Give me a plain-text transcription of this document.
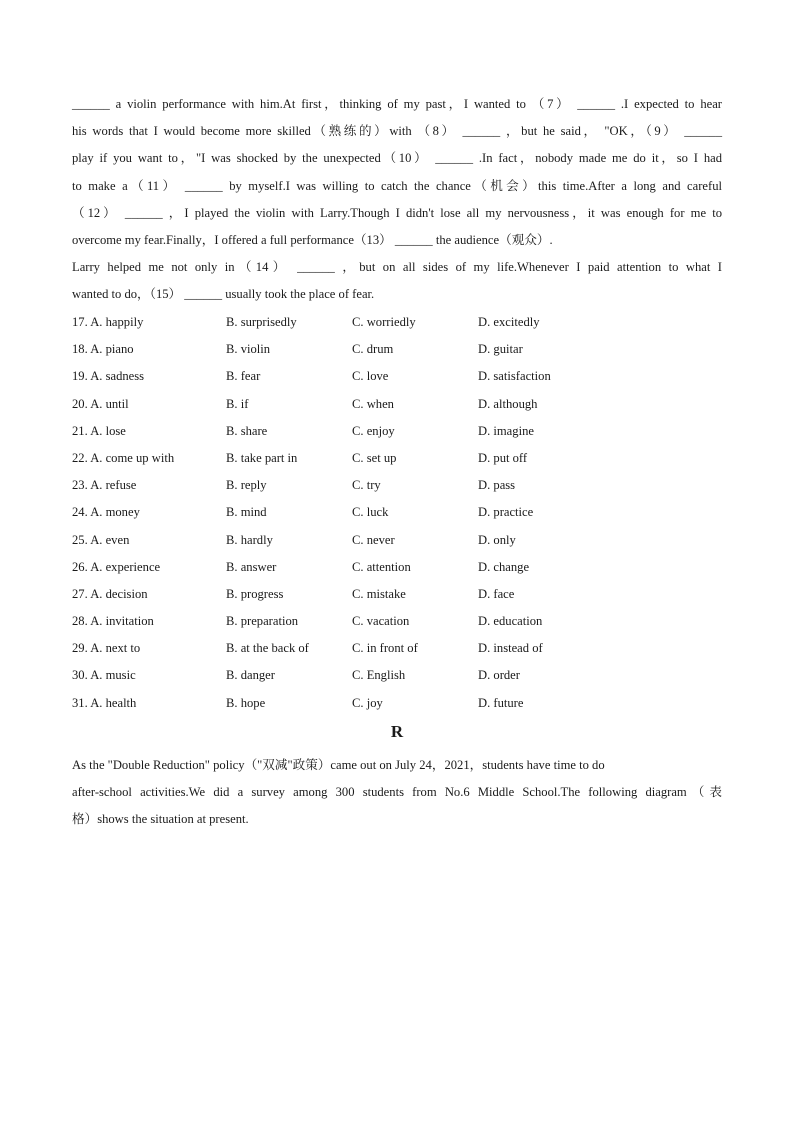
______ a violin performance with him.At first，thinking of my past，I wanted to （7） ______ .I expected to hear
his words that I would become more skilled（熟练的）with （8） ______ ，but he said， "OK，（9） ______
play if you want to，"I was shocked by the unexpected（10） ______ .In fact，nobody made me do it，so I had
to make a（11） ______ by myself.I was willing to catch the chance（机会）this time.After a long and careful
（12） ______ ，I played the violin with Larry.Though I didn't lose all my nervousness，it was enough for me to
overcome my fear.Finally，I offered a full performance（13） ______ the audience（观众）.
Larry helped me not only in（14） ______ ，but on all sides of my life.Whenever I paid attention to what I
wanted to do，（15） ______ usually took the place of fear.
17. A. happily	B. surprisedly	C. worriedly	D. excitedly
18. A. piano	B. violin	C. drum	D. guitar
19. A. sadness	B. fear	C. love	D. satisfaction
20. A. until	B. if	C. when	D. although
21. A. lose	B. share	C. enjoy	D. imagine
22. A. come up with	B. take part in	C. set up	D. put off
23. A. refuse	B. reply	C. try	D. pass
24. A. money	B. mind	C. luck	D. practice
25. A. even	B. hardly	C. never	D. only
26. A. experience	B. answer	C. attention	D. change
27. A. decision	B. progress	C. mistake	D. face
28. A. invitation	B. preparation	C. vacation	D. education
29. A. next to	B. at the back of	C. in front of	D. instead of
30. A. music	B. danger	C. English	D. order
31. A. health	B. hope	C. joy	D. future
R
As the "Double Reduction" policy（"双减"政策）came out on July 24，2021，students have time to do
after-school activities.We did a survey among 300 students from No.6 Middle School.The following diagram（表
格）shows the situation at present.
